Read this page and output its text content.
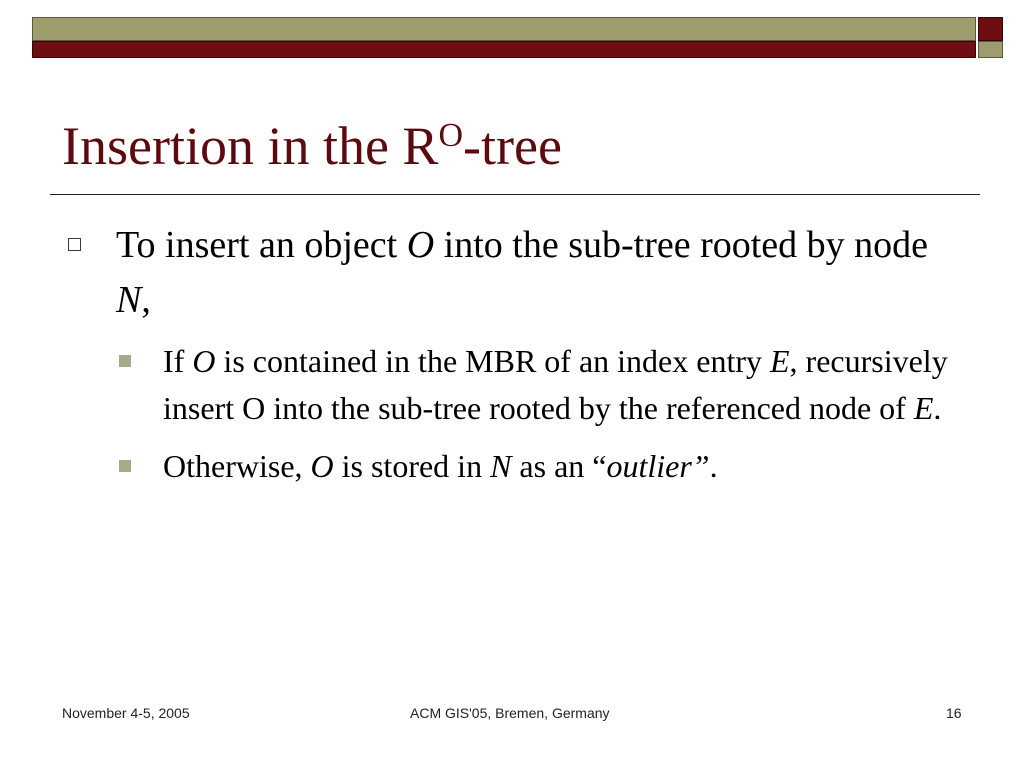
Insertion in the $R^O$-tree
To insert an object O into the sub-tree rooted by node N,
If O is contained in the MBR of an index entry E, recursively insert O into the sub-tree rooted by the referenced node of E.
Otherwise, O is stored in N as an “outlier”.
November 4-5, 2005	ACM GIS'05, Bremen, Germany	16
